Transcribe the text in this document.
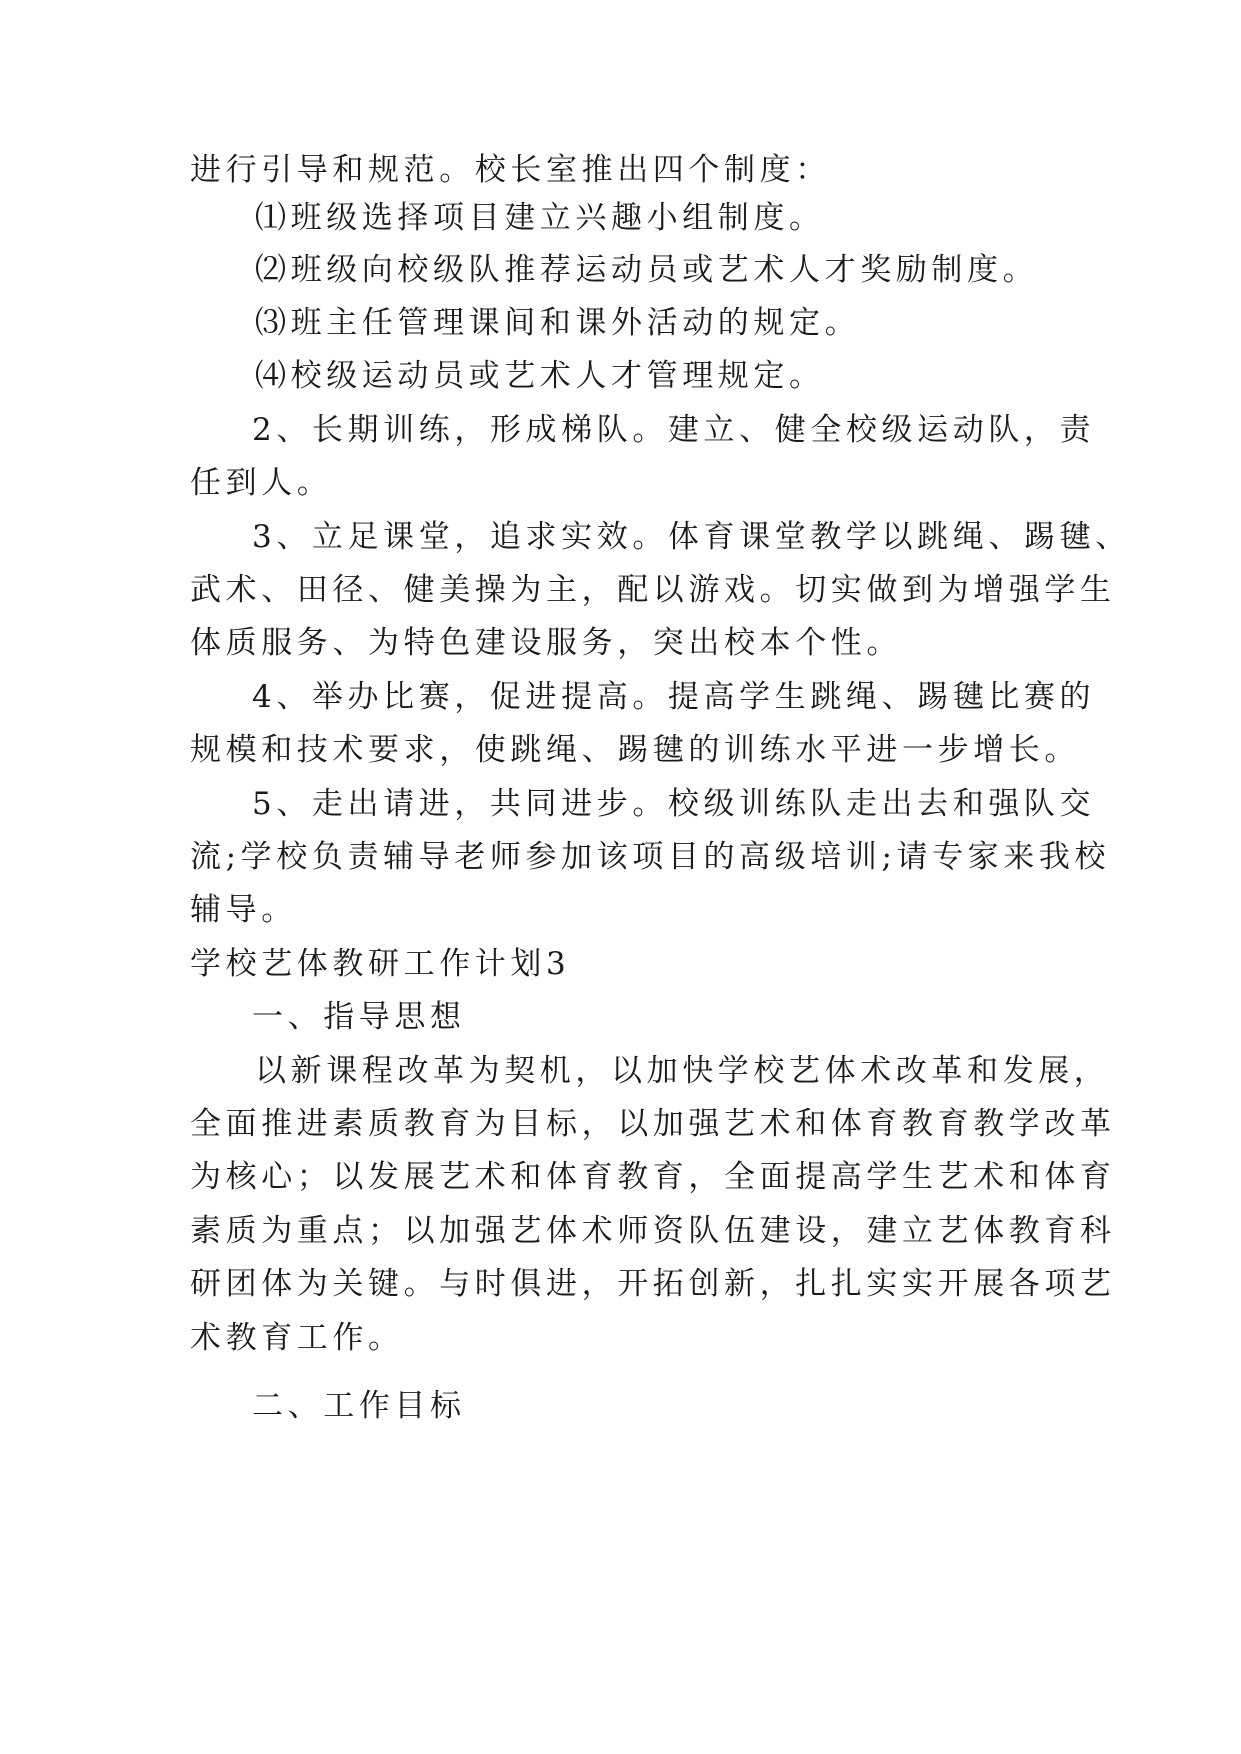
进行引导和规范。校长室推出四个制度：
⑴班级选择项目建立兴趣小组制度。
⑵班级向校级队推荐运动员或艺术人才奖励制度。
⑶班主任管理课间和课外活动的规定。
⑷校级运动员或艺术人才管理规定。
2、长期训练，形成梯队。建立、健全校级运动队，责
任到人。
3、立足课堂，追求实效。体育课堂教学以跳绳、踢毽、
武术、田径、健美操为主，配以游戏。切实做到为增强学生
体质服务、为特色建设服务，突出校本个性。
4、举办比赛，促进提高。提高学生跳绳、踢毽比赛的
规模和技术要求，使跳绳、踢毽的训练水平进一步增长。
5、走出请进，共同进步。校级训练队走出去和强队交
流;学校负责辅导老师参加该项目的高级培训;请专家来我校
辅导。
学校艺体教研工作计划3
一、指导思想
以新课程改革为契机，以加快学校艺体术改革和发展，
全面推进素质教育为目标，以加强艺术和体育教育教学改革
为核心；以发展艺术和体育教育，全面提高学生艺术和体育
素质为重点；以加强艺体术师资队伍建设，建立艺体教育科
研团体为关键。与时俱进，开拓创新，扎扎实实开展各项艺
术教育工作。
二、工作目标
